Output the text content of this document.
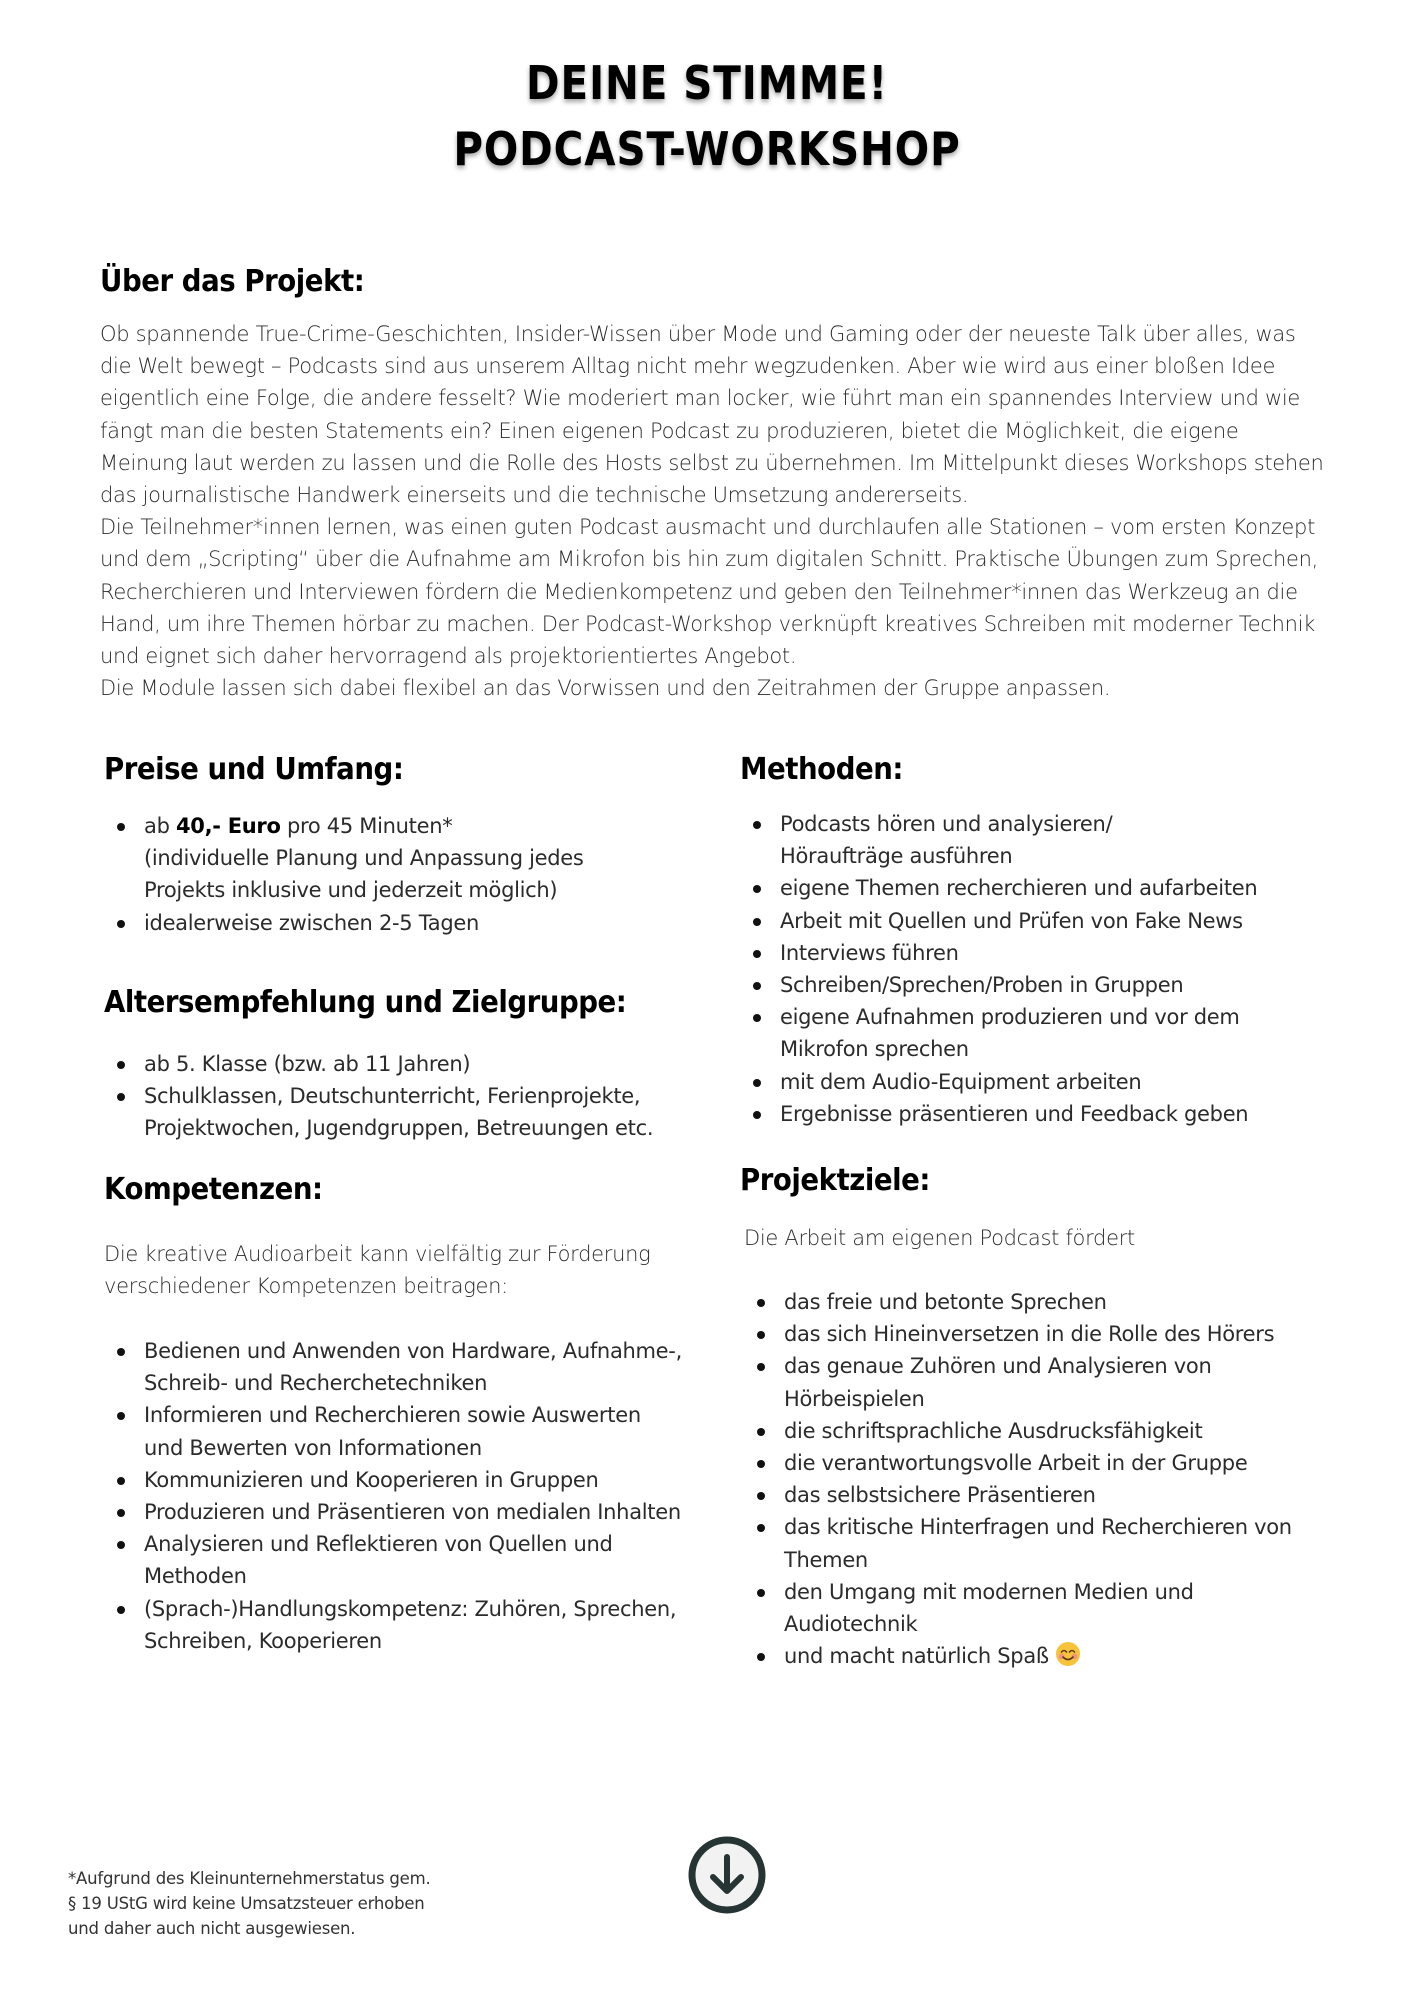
DEINE STIMME!
PODCAST-WORKSHOP
Über das Projekt:

Ob spannende True-Crime-Geschichten, Insider-Wissen über Mode und Gaming oder der neueste Talk über alles, was die Welt bewegt – Podcasts sind aus unserem Alltag nicht mehr wegzudenken. Aber wie wird aus einer bloßen Idee eigentlich eine Folge, die andere fesselt? Wie moderiert man locker, wie führt man ein spannendes Interview und wie fängt man die besten Statements ein? Einen eigenen Podcast zu produzieren, bietet die Möglichkeit, die eigene Meinung laut werden zu lassen und die Rolle des Hosts selbst zu übernehmen. Im Mittelpunkt dieses Workshops stehen das journalistische Handwerk einerseits und die technische Umsetzung andererseits.

Die Teilnehmer*innen lernen, was einen guten Podcast ausmacht und durchlaufen alle Stationen – vom ersten Konzept und dem „Scripting“ über die Aufnahme am Mikrofon bis hin zum digitalen Schnitt. Praktische Übungen zum Sprechen, Recherchieren und Interviewen fördern die Medienkompetenz und geben den Teilnehmer*innen das Werkzeug an die Hand, um ihre Themen hörbar zu machen. Der Podcast-Workshop verknüpft kreatives Schreiben mit moderner Technik und eignet sich daher hervorragend als projektorientiertes Angebot.

Die Module lassen sich dabei flexibel an das Vorwissen und den Zeitrahmen der Gruppe anpassen.

Preise und Umfang:
ab 40,- Euro pro 45 Minuten*
(individuelle Planung und Anpassung jedes Projekts inklusive und jederzeit möglich)
idealerweise zwischen 2-5 Tagen
Altersempfehlung und Zielgruppe:
ab 5. Klasse (bzw. ab 11 Jahren)
Schulklassen, Deutschunterricht, Ferienprojekte, Projektwochen, Jugendgruppen, Betreuungen etc.
Kompetenzen:
Die kreative Audioarbeit kann vielfältig zur Förderung verschiedener Kompetenzen beitragen:
Bedienen und Anwenden von Hardware, Aufnahme-, Schreib- und Recherchetechniken
Informieren und Recherchieren sowie Auswerten und Bewerten von Informationen
Kommunizieren und Kooperieren in Gruppen
Produzieren und Präsentieren von medialen Inhalten
Analysieren und Reflektieren von Quellen und Methoden
(Sprach-)Handlungskompetenz: Zuhören, Sprechen, Schreiben, Kooperieren
Methoden:
Podcasts hören und analysieren/ Höraufträge ausführen
eigene Themen recherchieren und aufarbeiten
Arbeit mit Quellen und Prüfen von Fake News
Interviews führen
Schreiben/Sprechen/Proben in Gruppen
eigene Aufnahmen produzieren und vor dem Mikrofon sprechen
mit dem Audio-Equipment arbeiten
Ergebnisse präsentieren und Feedback geben
Projektziele:
Die Arbeit am eigenen Podcast fördert
das freie und betonte Sprechen
das sich Hineinversetzen in die Rolle des Hörers
das genaue Zuhören und Analysieren von Hörbeispielen
die schriftsprachliche Ausdrucksfähigkeit
die verantwortungsvolle Arbeit in der Gruppe
das selbstsichere Präsentieren
das kritische Hinterfragen und Recherchieren von Themen
den Umgang mit modernen Medien und Audiotechnik
und macht natürlich Spaß
*Aufgrund des Kleinunternehmerstatus gem.
§ 19 UStG wird keine Umsatzsteuer erhoben
und daher auch nicht ausgewiesen.
